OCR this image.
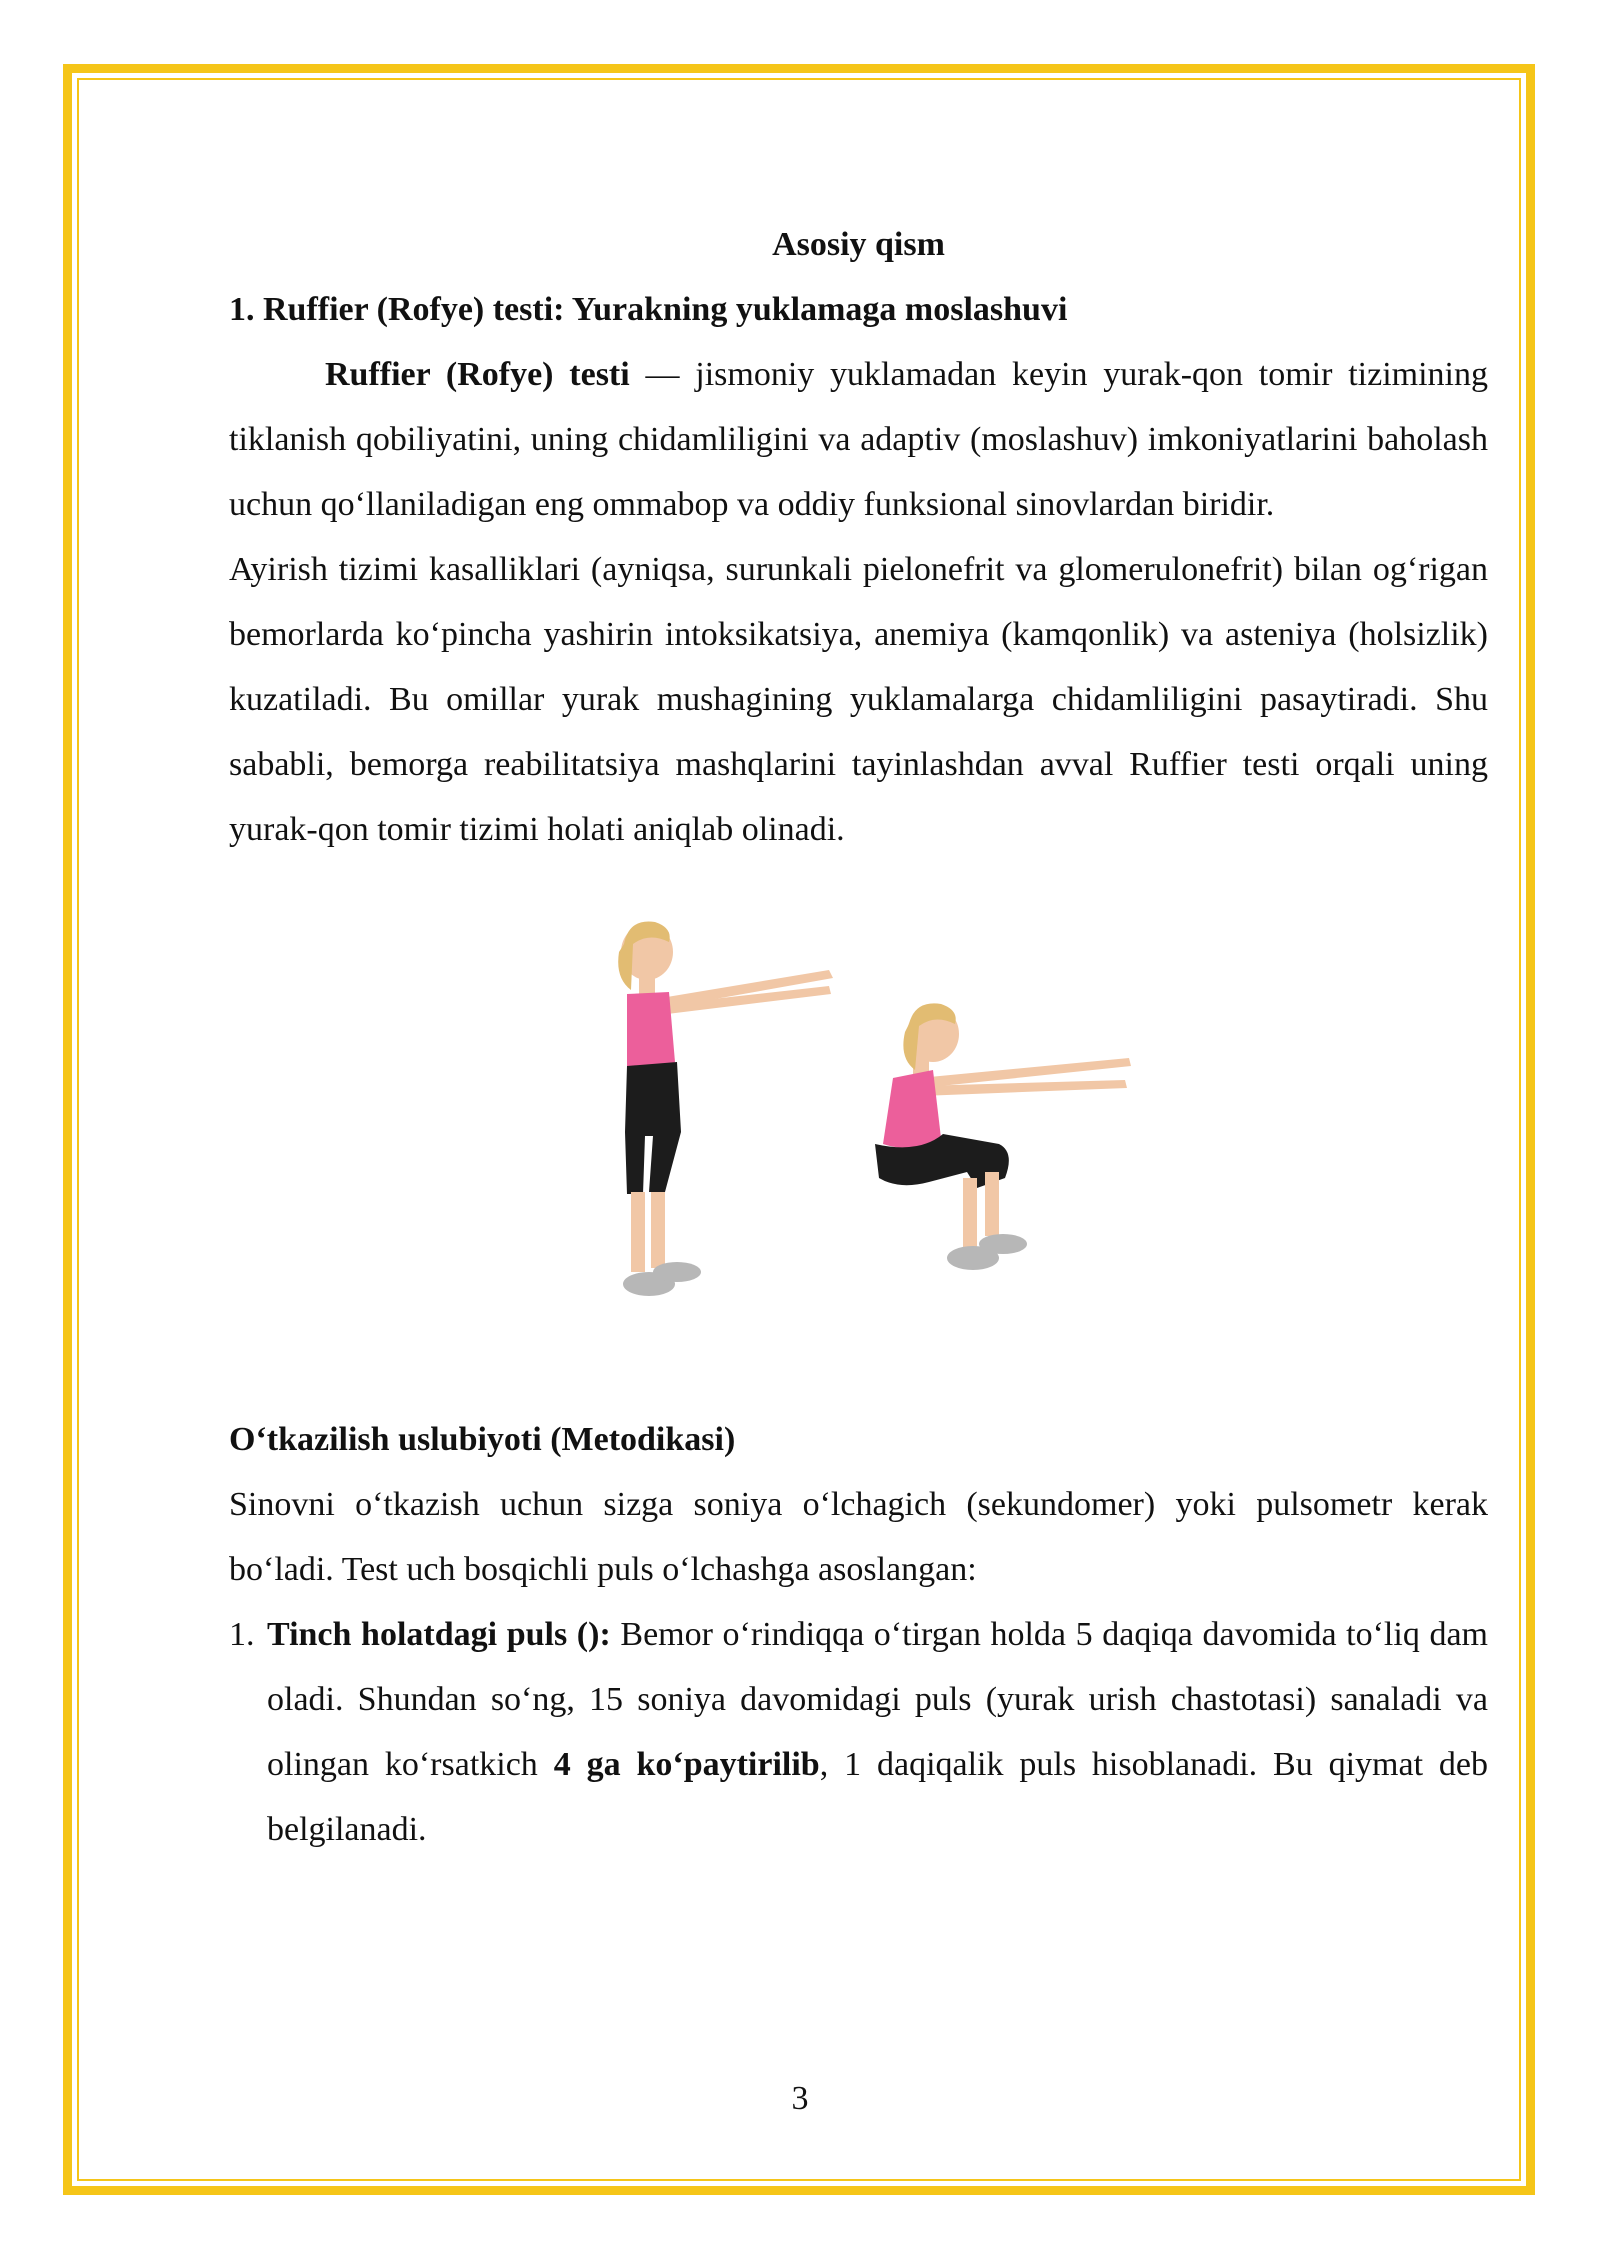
Asosiy qism

1. Ruffier (Rofye) testi: Yurakning yuklamaga moslashuvi

Ruffier (Rofye) testi — jismoniy yuklamadan keyin yurak-qon tomir tizimining tiklanish qobiliyatini, uning chidamliligini va adaptiv (moslashuv) imkoniyatlarini baholash uchun qo‘llaniladigan eng ommabop va oddiy funksional sinovlardan biridir.

Ayirish tizimi kasalliklari (ayniqsa, surunkali pielonefrit va glomerulonefrit) bilan og‘rigan bemorlarda ko‘pincha yashirin intoksikatsiya, anemiya (kamqonlik) va asteniya (holsizlik) kuzatiladi. Bu omillar yurak mushagining yuklamalarga chidamliligini pasaytiradi. Shu sababli, bemorga reabilitatsiya mashqlarini tayinlashdan avval Ruffier testi orqali uning yurak-qon tomir tizimi holati aniqlab olinadi.

O‘tkazilish uslubiyoti (Metodikasi)

Sinovni o‘tkazish uchun sizga soniya o‘lchagich (sekundomer) yoki pulsometr kerak bo‘ladi. Test uch bosqichli puls o‘lchashga asoslangan:

1. Tinch holatdagi puls (): Bemor o‘rindiqqa o‘tirgan holda 5 daqiqa davomida to‘liq dam oladi. Shundan so‘ng, 15 soniya davomidagi puls (yurak urish chastotasi) sanaladi va olingan ko‘rsatkich 4 ga ko‘paytirilib, 1 daqiqalik puls hisoblanadi. Bu qiymat deb belgilanadi.
3
